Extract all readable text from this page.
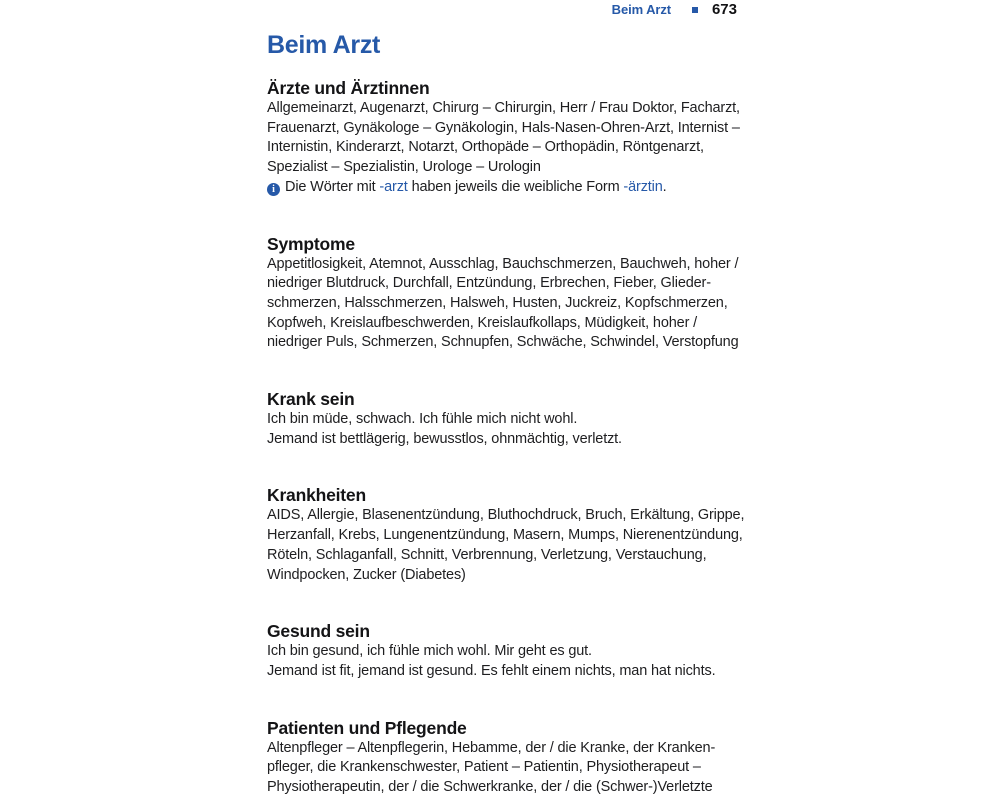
Beim Arzt	673
Beim Arzt
Ärzte und Ärztinnen
Allgemeinarzt, Augenarzt, Chirurg – Chirurgin, Herr / Frau Doktor, Facharzt,
Frauenarzt, Gynäkologe – Gynäkologin, Hals-Nasen-Ohren-Arzt, Internist –
Internistin, Kinderarzt, Notarzt, Orthopäde – Orthopädin, Röntgenarzt,
Spezialist – Spezialistin, Urologe – Urologin
i Die Wörter mit -arzt haben jeweils die weibliche Form -ärztin.
Symptome
Appetitlosigkeit, Atemnot, Ausschlag, Bauchschmerzen, Bauchweh, hoher /
niedriger Blutdruck, Durchfall, Entzündung, Erbrechen, Fieber, Glieder-
schmerzen, Halsschmerzen, Halsweh, Husten, Juckreiz, Kopfschmerzen,
Kopfweh, Kreislaufbeschwerden, Kreislaufkollaps, Müdigkeit, hoher /
niedriger Puls, Schmerzen, Schnupfen, Schwäche, Schwindel, Verstopfung
Krank sein
Ich bin müde, schwach. Ich fühle mich nicht wohl.
Jemand ist bettlägerig, bewusstlos, ohnmächtig, verletzt.
Krankheiten
AIDS, Allergie, Blasenentzündung, Bluthochdruck, Bruch, Erkältung, Grippe,
Herzanfall, Krebs, Lungenentzündung, Masern, Mumps, Nierenentzündung,
Röteln, Schlaganfall, Schnitt, Verbrennung, Verletzung, Verstauchung,
Windpocken, Zucker (Diabetes)
Gesund sein
Ich bin gesund, ich fühle mich wohl. Mir geht es gut.
Jemand ist fit, jemand ist gesund. Es fehlt einem nichts, man hat nichts.
Patienten und Pflegende
Altenpfleger – Altenpflegerin, Hebamme, der / die Kranke, der Kranken-
pfleger, die Krankenschwester, Patient – Patientin, Physiotherapeut –
Physiotherapeutin, der / die Schwerkranke, der / die (Schwer-)Verletzte
